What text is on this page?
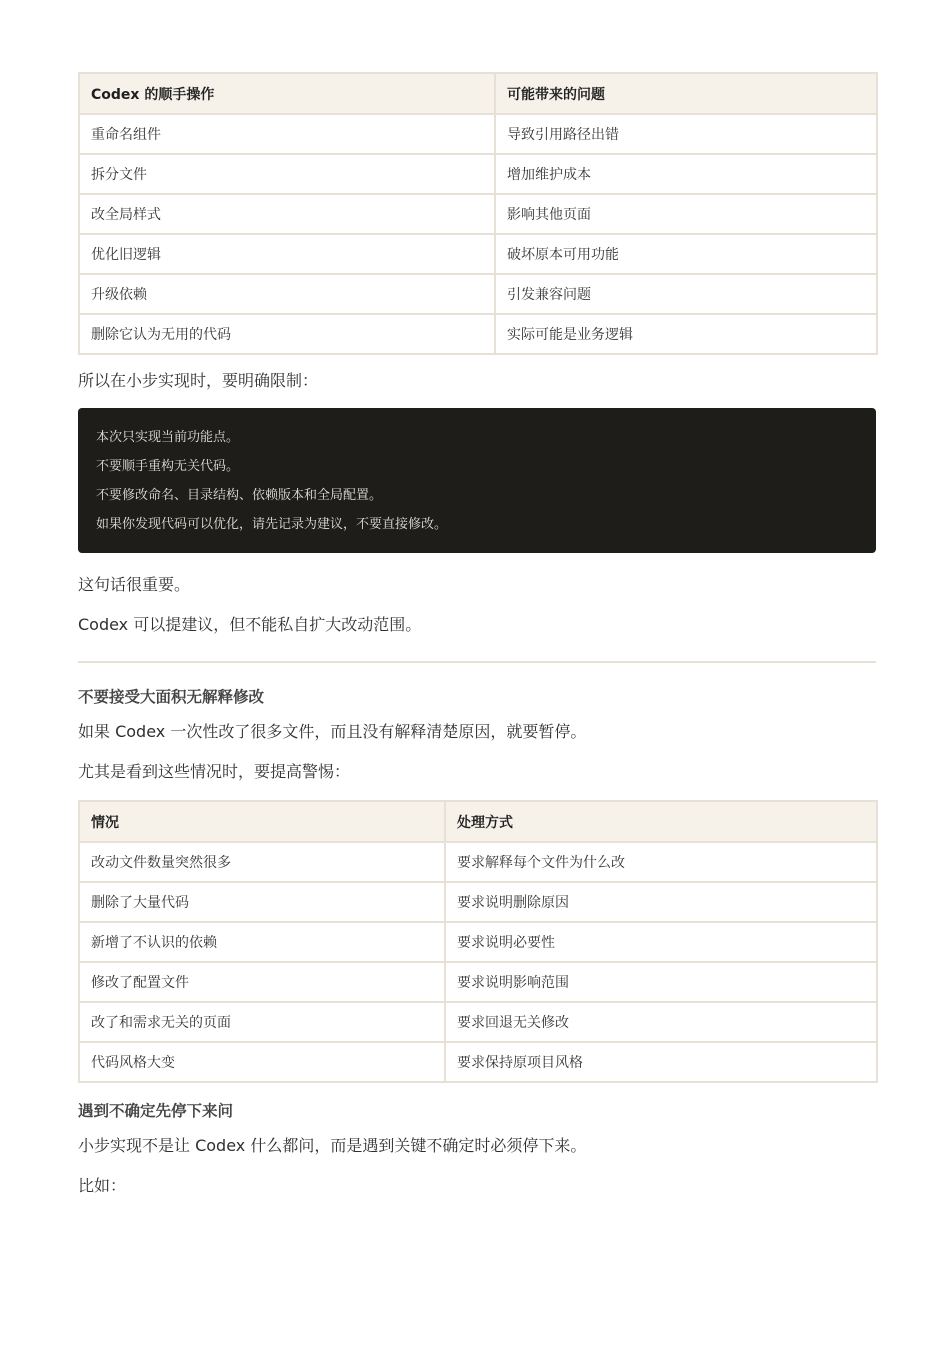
Codex 的顺手操作	可能带来的问题
重命名组件	导致引用路径出错
拆分文件	增加维护成本
改全局样式	影响其他页面
优化旧逻辑	破坏原本可用功能
升级依赖	引发兼容问题
删除它认为无用的代码	实际可能是业务逻辑

所以在小步实现时，要明确限制：

本次只实现当前功能点。
不要顺手重构无关代码。
不要修改命名、目录结构、依赖版本和全局配置。
如果你发现代码可以优化，请先记录为建议，不要直接修改。

这句话很重要。

Codex 可以提建议，但不能私自扩大改动范围。

不要接受大面积无解释修改

如果 Codex 一次性改了很多文件，而且没有解释清楚原因，就要暂停。

尤其是看到这些情况时，要提高警惕：

情况	处理方式
改动文件数量突然很多	要求解释每个文件为什么改
删除了大量代码	要求说明删除原因
新增了不认识的依赖	要求说明必要性
修改了配置文件	要求说明影响范围
改了和需求无关的页面	要求回退无关修改
代码风格大变	要求保持原项目风格
遇到不确定先停下来问

小步实现不是让 Codex 什么都问，而是遇到关键不确定时必须停下来。

比如：
